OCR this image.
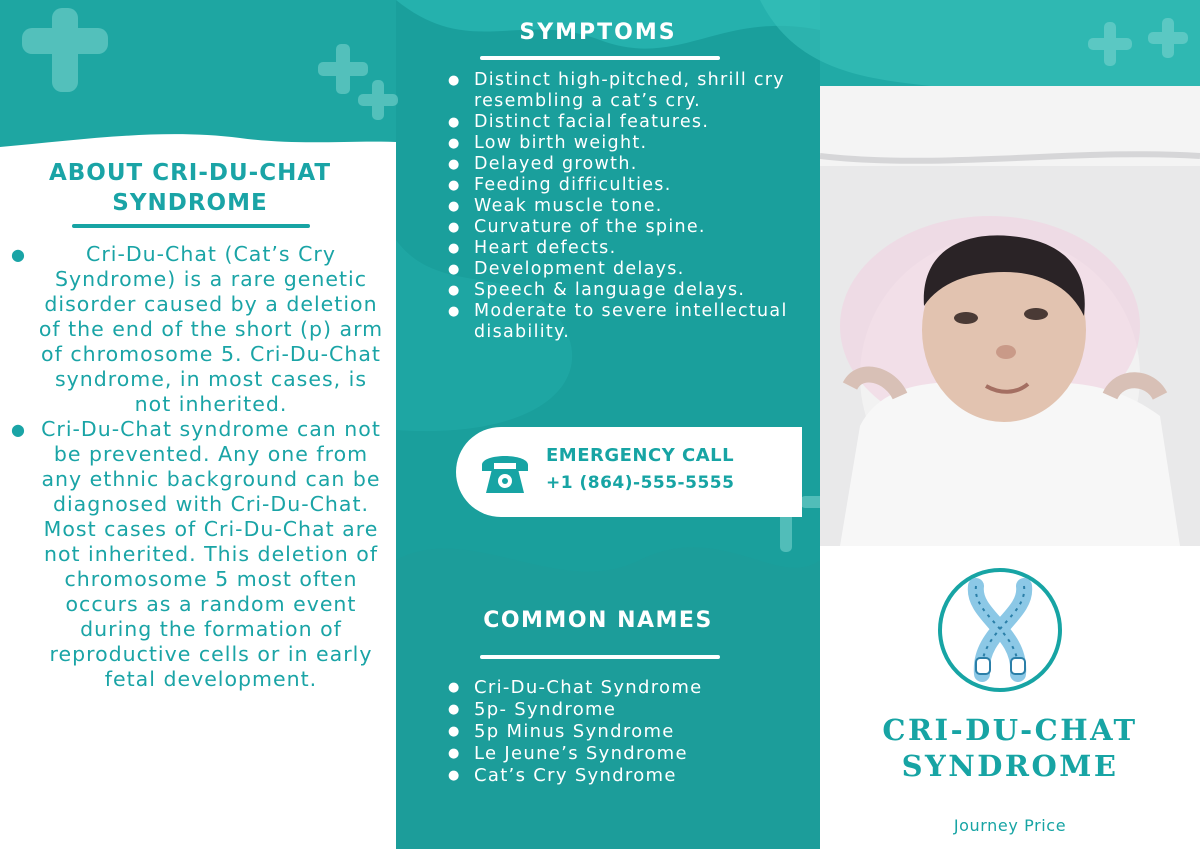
ABOUT CRI-DU-CHAT SYNDROME
●	Cri-Du-Chat (Cat’s Cry Syndrome) is a rare genetic disorder caused by a deletion of the end of the short (p) arm of chromosome 5. Cri-Du-Chat syndrome, in most cases, is not inherited.
● Cri-Du-Chat syndrome can not be prevented. Any one from any ethnic background can be diagnosed with Cri-Du-Chat. Most cases of Cri-Du-Chat are not inherited. This deletion of chromosome 5 most often occurs as a random event during the formation of reproductive cells or in early fetal development.
SYMPTOMS
● Distinct high-pitched, shrill cry resembling a cat’s cry.
● Distinct facial features.
● Low birth weight.
● Delayed growth.
● Feeding difficulties.
● Weak muscle tone.
● Curvature of the spine.
● Heart defects.
● Development delays.
● Speech & language delays.
● Moderate to severe intellectual disability.
EMERGENCY CALL
+1 (864)-555-5555
COMMON NAMES
● Cri-Du-Chat Syndrome
● 5p- Syndrome
● 5p Minus Syndrome
● Le Jeune’s Syndrome
● Cat’s Cry Syndrome
CRI-DU-CHAT
SYNDROME
Journey Price
